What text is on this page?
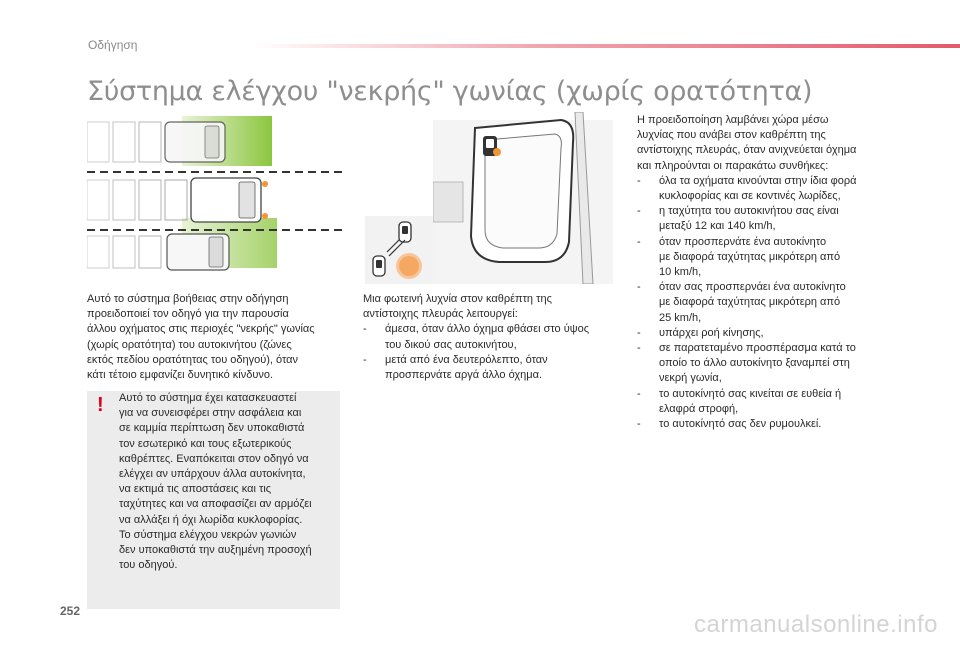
Οδήγηση
Σύστημα ελέγχου "νεκρής" γωνίας (χωρίς ορατότητα)
Αυτό το σύστημα βοήθειας στην οδήγηση
προειδοποιεί τον οδηγό για την παρουσία
άλλου οχήματος στις περιοχές "νεκρής" γωνίας
(χωρίς ορατότητα) του αυτοκινήτου (ζώνες
εκτός πεδίου ορατότητας του οδηγού), όταν
κάτι τέτοιο εμφανίζει δυνητικό κίνδυνο.
! Αυτό το σύστημα έχει κατασκευαστεί
για να συνεισφέρει στην ασφάλεια και
σε καμμία περίπτωση δεν υποκαθιστά
τον εσωτερικό και τους εξωτερικούς
καθρέπτες. Εναπόκειται στον οδηγό να
ελέγχει αν υπάρχουν άλλα αυτοκίνητα,
να εκτιμά τις αποστάσεις και τις
ταχύτητες και να αποφασίζει αν αρμόζει
να αλλάξει ή όχι λωρίδα κυκλοφορίας.
Το σύστημα ελέγχου νεκρών γωνιών
δεν υποκαθιστά την αυξημένη προσοχή
του οδηγού.
Μια φωτεινή λυχνία στον καθρέπτη της
αντίστοιχης πλευράς λειτουργεί:
- άμεσα, όταν άλλο όχημα φθάσει στο ύψος
του δικού σας αυτοκινήτου,
- μετά από ένα δευτερόλεπτο, όταν
προσπερνάτε αργά άλλο όχημα.
Η προειδοποίηση λαμβάνει χώρα μέσω
λυχνίας που ανάβει στον καθρέπτη της
αντίστοιχης πλευράς, όταν ανιχνεύεται όχημα
και πληρούνται οι παρακάτω συνθήκες:
- όλα τα οχήματα κινούνται στην ίδια φορά
κυκλοφορίας και σε κοντινές λωρίδες,
- η ταχύτητα του αυτοκινήτου σας είναι
μεταξύ 12 και 140 km/h,
- όταν προσπερνάτε ένα αυτοκίνητο
με διαφορά ταχύτητας μικρότερη από
10 km/h,
- όταν σας προσπερνάει ένα αυτοκίνητο
με διαφορά ταχύτητας μικρότερη από
25 km/h,
- υπάρχει ροή κίνησης,
- σε παρατεταμένο προσπέρασμα κατά το
οποίο το άλλο αυτοκίνητο ξαναμπεί στη
νεκρή γωνία,
- το αυτοκίνητό σας κινείται σε ευθεία ή
ελαφρά στροφή,
- το αυτοκίνητό σας δεν ρυμουλκεί.
252	carmanualsonline.info
